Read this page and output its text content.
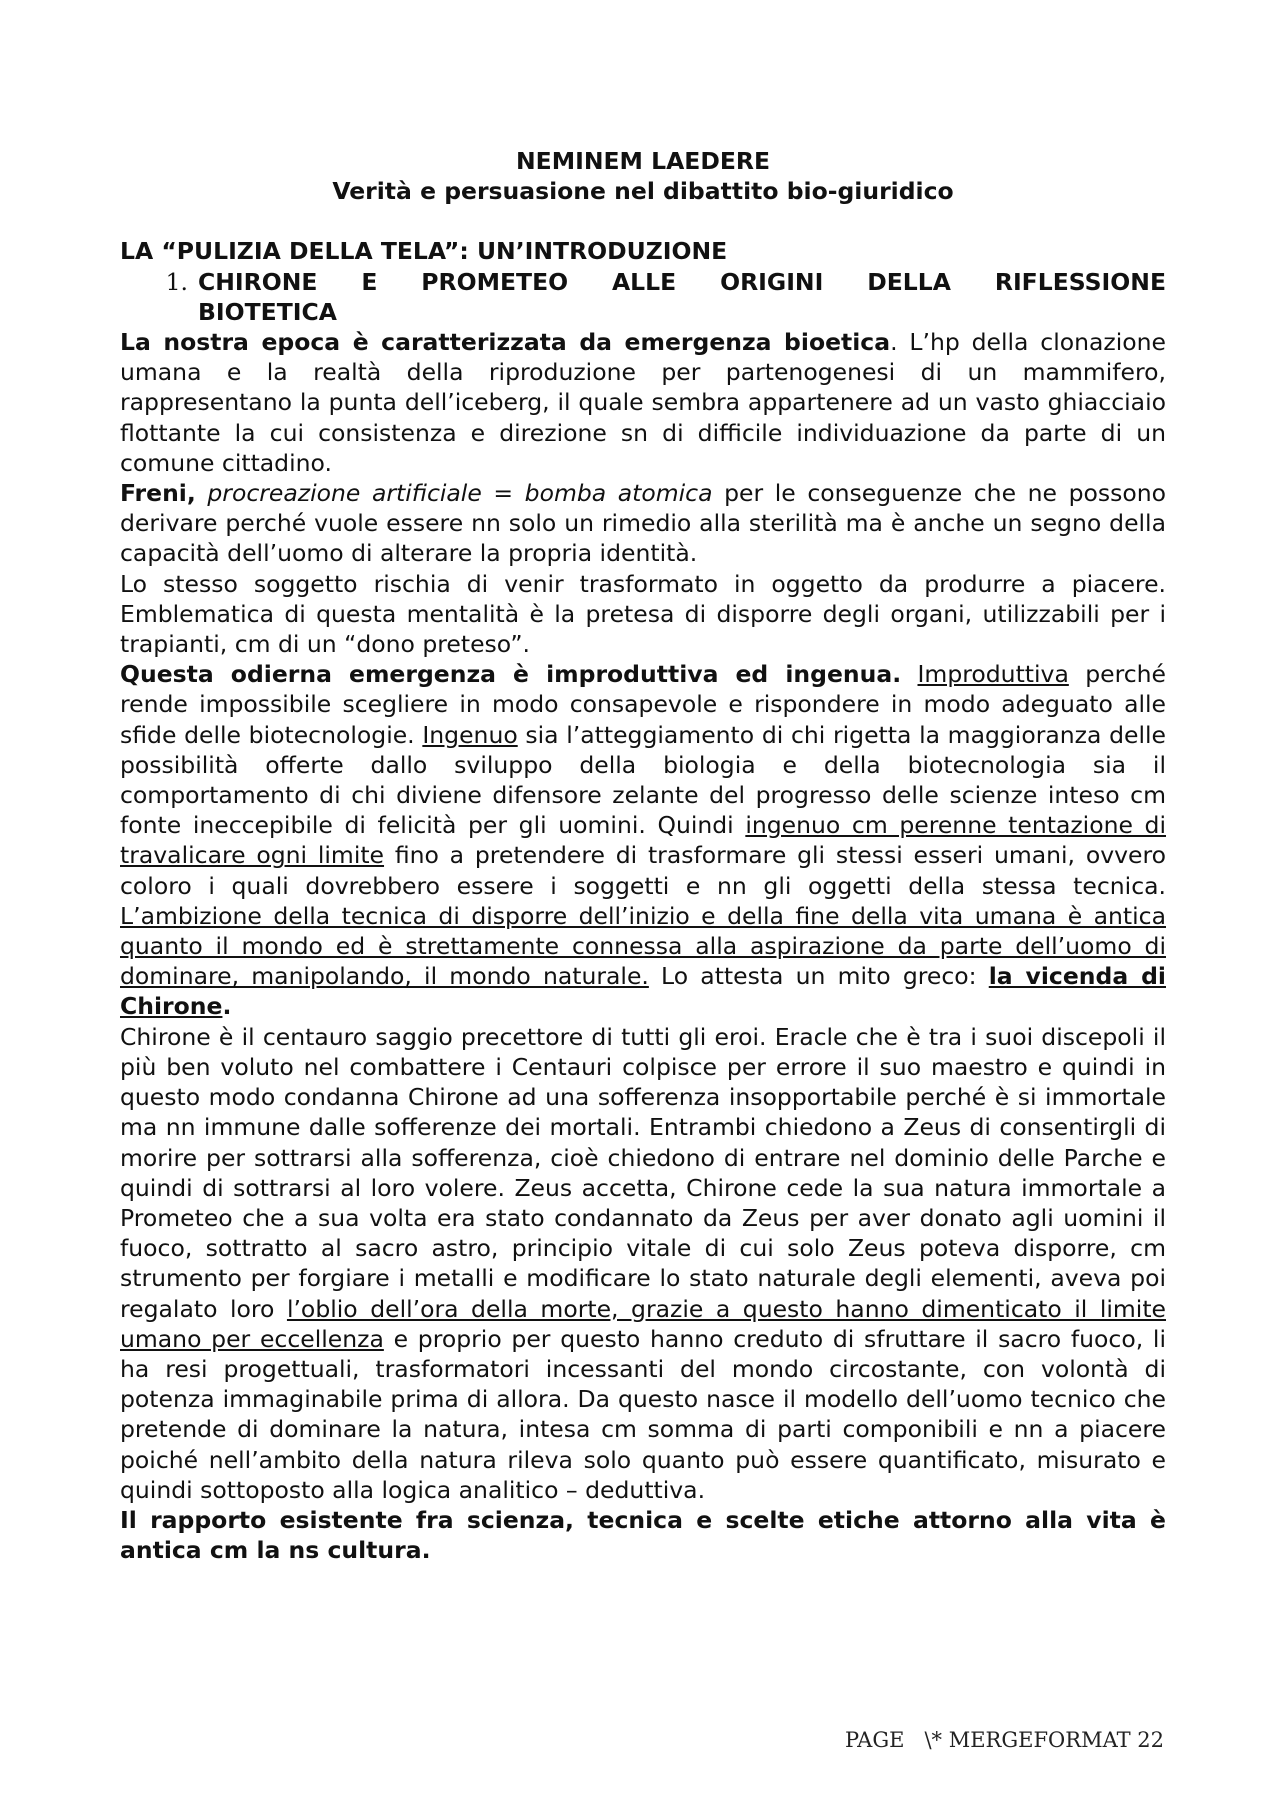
NEMINEM LAEDERE

Verità e persuasione nel dibattito bio-giuridico

LA “PULIZIA DELLA TELA”: UN’INTRODUZIONE

1. CHIRONE E PROMETEO ALLE ORIGINI DELLA RIFLESSIONE
BIOTETICA

La nostra epoca è caratterizzata da emergenza bioetica. L’hp della clonazione umana e la realtà della riproduzione per partenogenesi di un mammifero, rappresentano la punta dell’iceberg, il quale sembra appartenere ad un vasto ghiacciaio flottante la cui consistenza e direzione sn di difficile individuazione da parte di un comune cittadino.

Freni, procreazione artificiale = bomba atomica per le conseguenze che ne possono derivare perché vuole essere nn solo un rimedio alla sterilità ma è anche un segno della capacità dell’uomo di alterare la propria identità.

Lo stesso soggetto rischia di venir trasformato in oggetto da produrre a piacere. Emblematica di questa mentalità è la pretesa di disporre degli organi, utilizzabili per i trapianti, cm di un “dono preteso”.

Questa odierna emergenza è improduttiva ed ingenua. Improduttiva perché rende impossibile scegliere in modo consapevole e rispondere in modo adeguato alle sfide delle biotecnologie. Ingenuo sia l’atteggiamento di chi rigetta la maggioranza delle possibilità offerte dallo sviluppo della biologia e della biotecnologia sia il comportamento di chi diviene difensore zelante del progresso delle scienze inteso cm fonte ineccepibile di felicità per gli uomini. Quindi ingenuo cm perenne tentazione di travalicare ogni limite fino a pretendere di trasformare gli stessi esseri umani, ovvero coloro i quali dovrebbero essere i soggetti e nn gli oggetti della stessa tecnica. L’ambizione della tecnica di disporre dell’inizio e della fine della vita umana è antica quanto il mondo ed è strettamente connessa alla aspirazione da parte dell’uomo di dominare, manipolando, il mondo naturale. Lo attesta un mito greco: la vicenda di Chirone.

Chirone è il centauro saggio precettore di tutti gli eroi. Eracle che è tra i suoi discepoli il più ben voluto nel combattere i Centauri colpisce per errore il suo maestro e quindi in questo modo condanna Chirone ad una sofferenza insopportabile perché è si immortale ma nn immune dalle sofferenze dei mortali. Entrambi chiedono a Zeus di consentirgli di morire per sottrarsi alla sofferenza, cioè chiedono di entrare nel dominio delle Parche e quindi di sottrarsi al loro volere. Zeus accetta, Chirone cede la sua natura immortale a Prometeo che a sua volta era stato condannato da Zeus per aver donato agli uomini il fuoco, sottratto al sacro astro, principio vitale di cui solo Zeus poteva disporre, cm strumento per forgiare i metalli e modificare lo stato naturale degli elementi, aveva poi regalato loro l’oblio dell’ora della morte, grazie a questo hanno dimenticato il limite umano per eccellenza e proprio per questo hanno creduto di sfruttare il sacro fuoco, li ha resi progettuali, trasformatori incessanti del mondo circostante, con volontà di potenza immaginabile prima di allora. Da questo nasce il modello dell’uomo tecnico che pretende di dominare la natura, intesa cm somma di parti componibili e nn a piacere poiché nell’ambito della natura rileva solo quanto può essere quantificato, misurato e quindi sottoposto alla logica analitico – deduttiva.

Il rapporto esistente fra scienza, tecnica e scelte etiche attorno alla vita è antica cm la ns cultura.

PAGE   \* MERGEFORMAT 22
